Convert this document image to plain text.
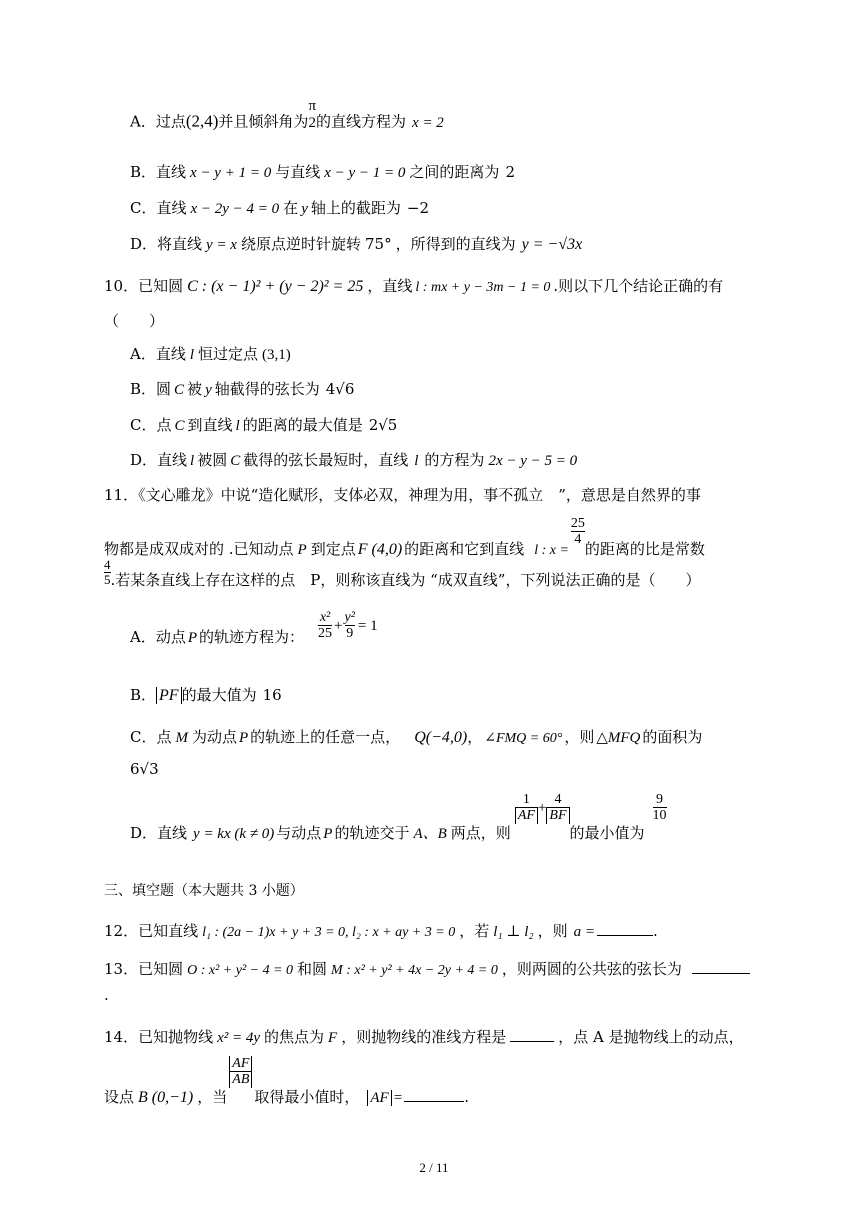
A．过点(2,4)并且倾斜角为
π
2 的直线方程为 x = 2
B．直线 x − y + 1 = 0 与直线 x − y − 1 = 0 之间的距离为 2
C．直线 x − 2y − 4 = 0 在 y 轴上的截距为 −2
D．将直线 y = x 绕原点逆时针旋转 75° ，所得到的直线为 y = −√3x
10．已知圆 C : (x − 1)² + (y − 2)² = 25 ，直线 l : mx + y − 3m − 1 = 0 .则以下几个结论正确的有
（　　）
A．直线 l 恒过定点 (3,1)
B．圆 C 被 y 轴截得的弦长为 4√6
C．点 C 到直线 l 的距离的最大值是 2√5
D．直线 l 被圆 C 截得的弦长最短时，直线 l 的方程为 2x − y − 5 = 0
11．《文心雕龙》中说“造化赋形，支体必双，神理为用，事不孤立　”，意思是自然界的事
物都是成双成对的 .已知动点 P 到定点 F (4,0) 的距离和它到直线 l : x =
$\frac{25}{4}$
的距离的比是常数
$\frac{4}{5}$ .若某条直线上存在这样的点　P，则称该直线为 “成双直线”，下列说法正确的是（　　）
A．动点 P 的轨迹方程为： $\frac{\text{x²}}{25} + \frac{\text{y²}}{9} = 1$
B． PF 的最大值为 16
C．点 M 为动点 P 的轨迹上的任意一点， Q(−4,0)， ∠FMQ = 60° ，则 △MFQ 的面积为
6√3
D．直线 y = kx (k ≠ 0) 与动点 P 的轨迹交于 A、B 两点，则
$\frac{1}{AF} + \frac{4}{BF}$
的最小值为
$\frac{9}{10}$
三、填空题（本大题共 3 小题）
12．已知直线 l₁ : (2a − 1)x + y + 3 = 0, l₂ : x + ay + 3 = 0 ，若 l₁ ⊥ l₂ ，则 a =	.
13．已知圆 O : x² + y² − 4 = 0 和圆 M : x² + y² + 4x − 2y + 4 = 0 ，则两圆的公共弦的弦长为
.
14．已知抛物线 x² = 4y 的焦点为 F ，则抛物线的准线方程是	，点 A 是抛物线上的动点，
设点 B (0,−1) ，当
$\frac{AF}{AB}$
取得最小值时， AF =	.
2 / 11
